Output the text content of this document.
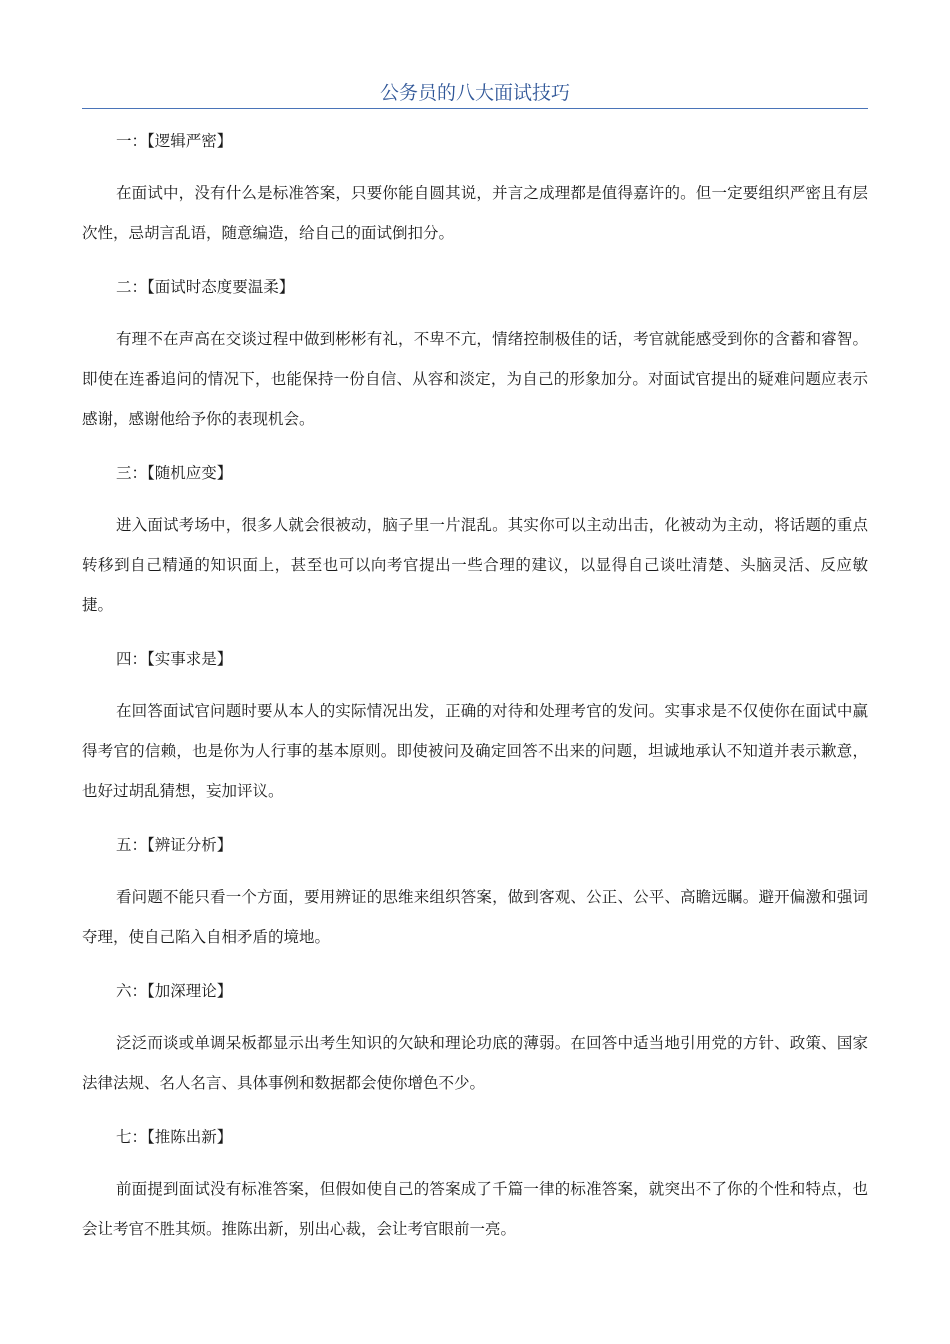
公务员的八大面试技巧

一：【逻辑严密】

在面试中，没有什么是标准答案，只要你能自圆其说，并言之成理都是值得嘉许的。但一定要组织严密且有层次性，忌胡言乱语，随意编造，给自己的面试倒扣分。

二：【面试时态度要温柔】

有理不在声高在交谈过程中做到彬彬有礼，不卑不亢，情绪控制极佳的话，考官就能感受到你的含蓄和睿智。即使在连番追问的情况下，也能保持一份自信、从容和淡定，为自己的形象加分。对面试官提出的疑难问题应表示感谢，感谢他给予你的表现机会。

三：【随机应变】

进入面试考场中，很多人就会很被动，脑子里一片混乱。其实你可以主动出击，化被动为主动，将话题的重点转移到自己精通的知识面上，甚至也可以向考官提出一些合理的建议，以显得自己谈吐清楚、头脑灵活、反应敏捷。

四：【实事求是】

在回答面试官问题时要从本人的实际情况出发，正确的对待和处理考官的发问。实事求是不仅使你在面试中赢得考官的信赖，也是你为人行事的基本原则。即使被问及确定回答不出来的问题，坦诚地承认不知道并表示歉意，也好过胡乱猜想，妄加评议。

五：【辨证分析】

看问题不能只看一个方面，要用辨证的思维来组织答案，做到客观、公正、公平、高瞻远瞩。避开偏激和强词夺理，使自己陷入自相矛盾的境地。

六：【加深理论】

泛泛而谈或单调呆板都显示出考生知识的欠缺和理论功底的薄弱。在回答中适当地引用党的方针、政策、国家法律法规、名人名言、具体事例和数据都会使你增色不少。

七：【推陈出新】

前面提到面试没有标准答案，但假如使自己的答案成了千篇一律的标准答案，就突出不了你的个性和特点，也会让考官不胜其烦。推陈出新，别出心裁，会让考官眼前一亮。
